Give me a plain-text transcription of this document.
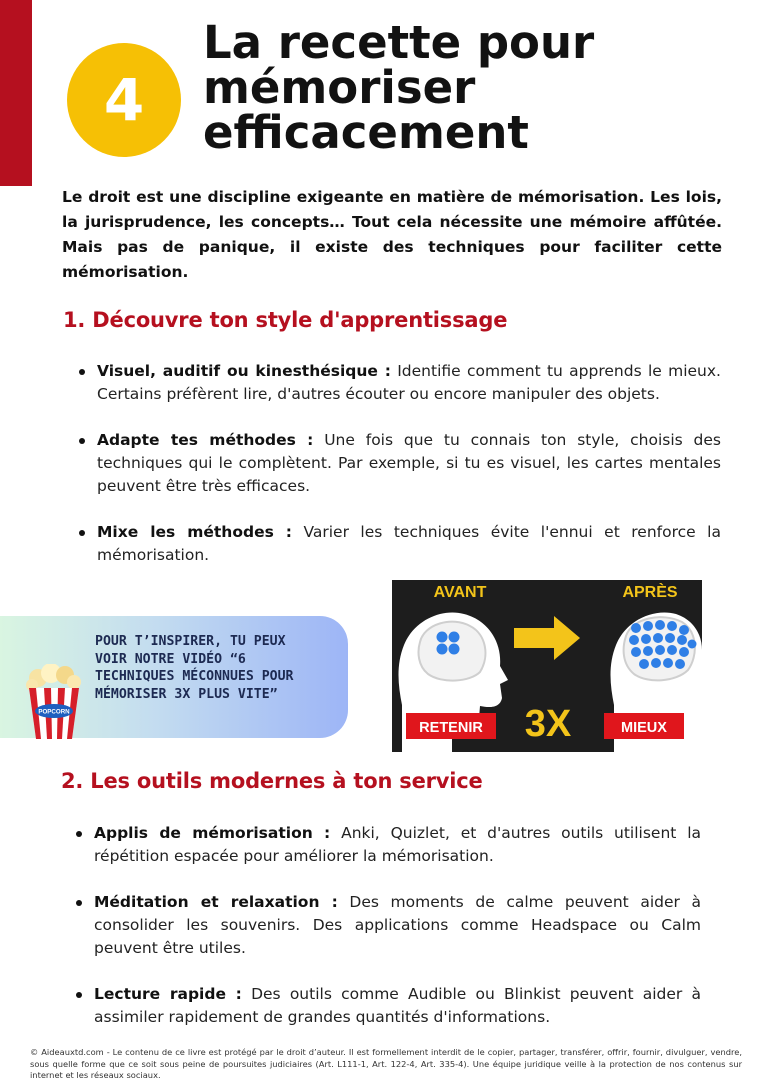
4
La recette pour
mémoriser
efficacement

Le droit est une discipline exigeante en matière de mémorisation. Les lois, la jurisprudence, les concepts… Tout cela nécessite une mémoire affûtée. Mais pas de panique, il existe des techniques pour faciliter cette mémorisation.

1. Découvre ton style d'apprentissage
Visuel, auditif ou kinesthésique : Identifie comment tu apprends le mieux. Certains préfèrent lire, d'autres écouter ou encore manipuler des objets.
Adapte tes méthodes : Une fois que tu connais ton style, choisis des techniques qui le complètent. Par exemple, si tu es visuel, les cartes mentales peuvent être très efficaces.
Mixe les méthodes : Varier les techniques évite l'ennui et renforce la mémorisation.
POPCORN

POUR T’INSPIRER, TU PEUX VOIR NOTRE VIDÉO “6 TECHNIQUES MÉCONNUES POUR MÉMORISER 3X PLUS VITE”

AVANT	APRÈS
RETENIR 3X	MIEUX
2. Les outils modernes à ton service
Applis de mémorisation : Anki, Quizlet, et d'autres outils utilisent la répétition espacée pour améliorer la mémorisation.
Méditation et relaxation : Des moments de calme peuvent aider à consolider les souvenirs. Des applications comme Headspace ou Calm peuvent être utiles.
Lecture rapide : Des outils comme Audible ou Blinkist peuvent aider à assimiler rapidement de grandes quantités d'informations.

© Aideauxtd.com - Le contenu de ce livre est protégé par le droit d’auteur. Il est formellement interdit de le copier, partager, transférer, offrir, fournir, divulguer, vendre, sous quelle forme que ce soit sous peine de poursuites judiciaires (Art. L111-1, Art. 122-4, Art. 335-4). Une équipe juridique veille à la protection de nos contenus sur internet et les réseaux sociaux.
